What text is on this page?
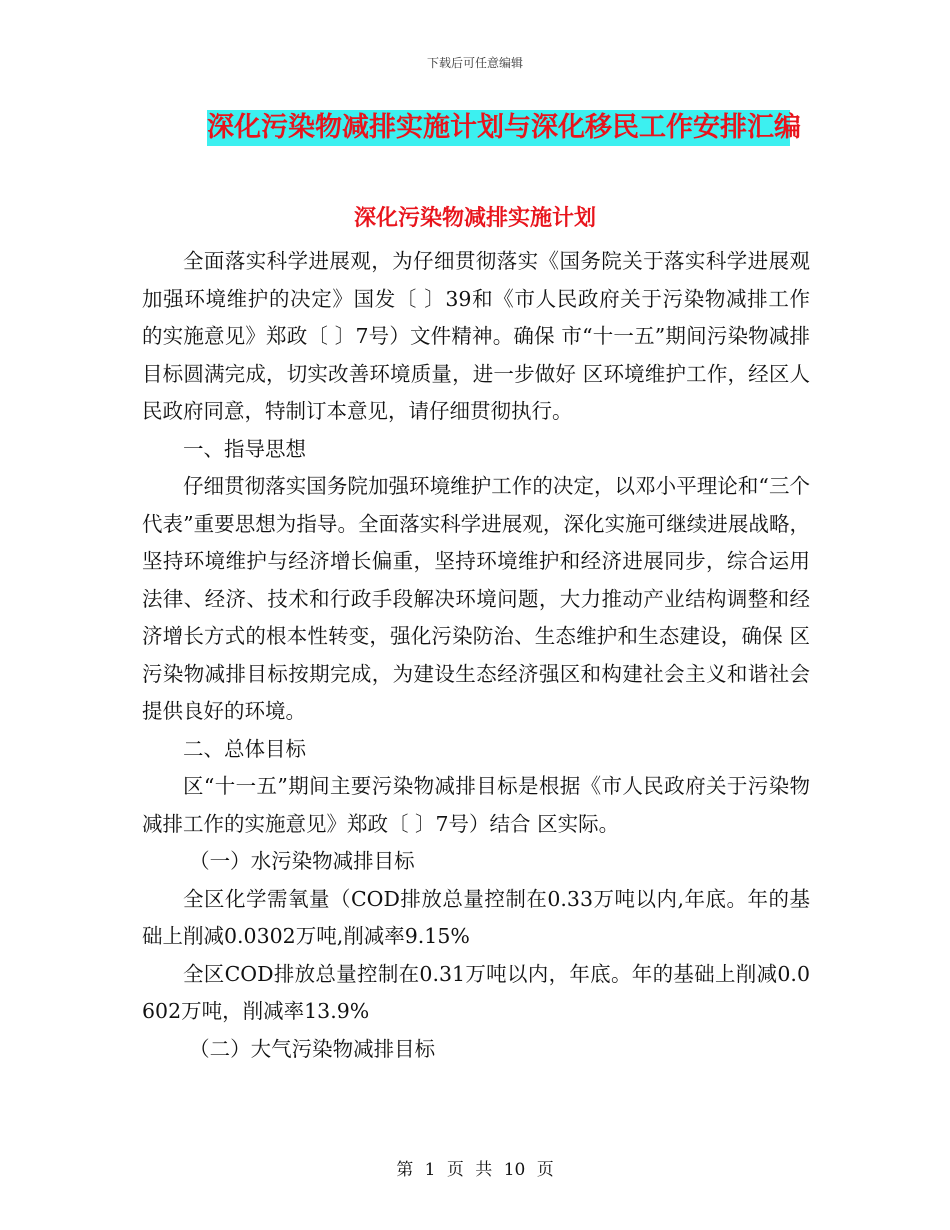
下载后可任意编辑
深化污染物减排实施计划与深化移民工作安排汇编
深化污染物减排实施计划

全面落实科学进展观，为仔细贯彻落实《国务院关于落实科学进展观加强环境维护的决定》国发〔 〕39和《市人民政府关于污染物减排工作的实施意见》郑政〔 〕7号）文件精神。确保 市“十一五”期间污染物减排目标圆满完成，切实改善环境质量，进一步做好 区环境维护工作，经区人民政府同意，特制订本意见，请仔细贯彻执行。

一、指导思想

仔细贯彻落实国务院加强环境维护工作的决定，以邓小平理论和“三个代表”重要思想为指导。全面落实科学进展观，深化实施可继续进展战略，坚持环境维护与经济增长偏重，坚持环境维护和经济进展同步，综合运用法律、经济、技术和行政手段解决环境问题，大力推动产业结构调整和经济增长方式的根本性转变，强化污染防治、生态维护和生态建设，确保 区污染物减排目标按期完成，为建设生态经济强区和构建社会主义和谐社会提供良好的环境。

二、总体目标

区“十一五”期间主要污染物减排目标是根据《市人民政府关于污染物减排工作的实施意见》郑政〔 〕7号）结合 区实际。

（一）水污染物减排目标

全区化学需氧量（COD排放总量控制在0.33万吨以内,年底。年的基础上削减0.0302万吨,削减率9.15%

全区COD排放总量控制在0.31万吨以内，年底。年的基础上削减0.0602万吨，削减率13.9%

（二）大气污染物减排目标

第 1 页 共 10 页
